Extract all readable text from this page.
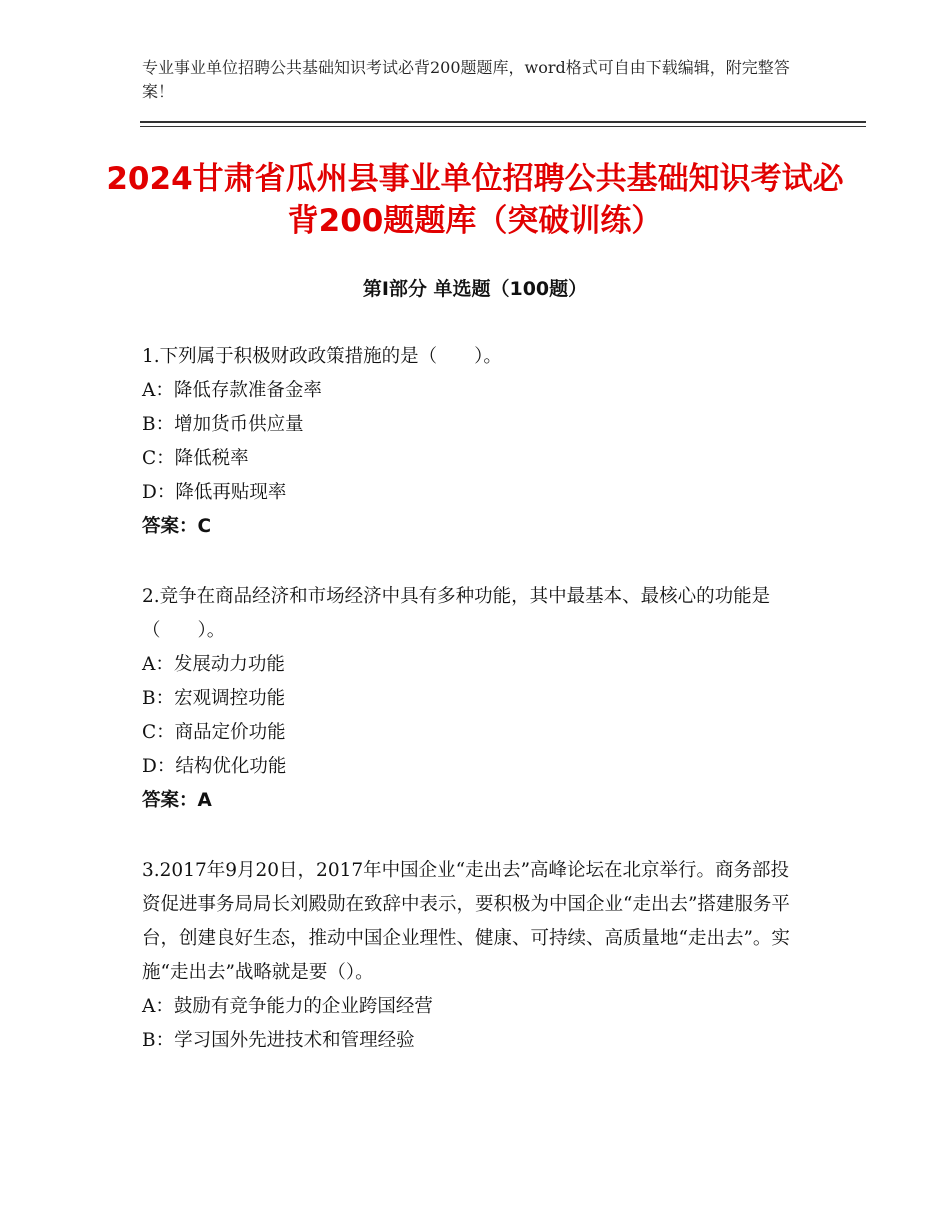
专业事业单位招聘公共基础知识考试必背200题题库，word格式可自由下载编辑，附完整答案！
2024甘肃省瓜州县事业单位招聘公共基础知识考试必背200题题库（突破训练）
第Ⅰ部分 单选题（100题）
1.下列属于积极财政政策措施的是（　　）。
A：降低存款准备金率
B：增加货币供应量
C：降低税率
D：降低再贴现率
答案：C
2.竞争在商品经济和市场经济中具有多种功能，其中最基本、最核心的功能是（　　）。
A：发展动力功能
B：宏观调控功能
C：商品定价功能
D：结构优化功能
答案：A
3.2017年9月20日，2017年中国企业“走出去”高峰论坛在北京举行。商务部投资促进事务局局长刘殿勋在致辞中表示，要积极为中国企业“走出去”搭建服务平台，创建良好生态，推动中国企业理性、健康、可持续、高质量地“走出去”。实施“走出去”战略就是要（）。
A：鼓励有竞争能力的企业跨国经营
B：学习国外先进技术和管理经验
